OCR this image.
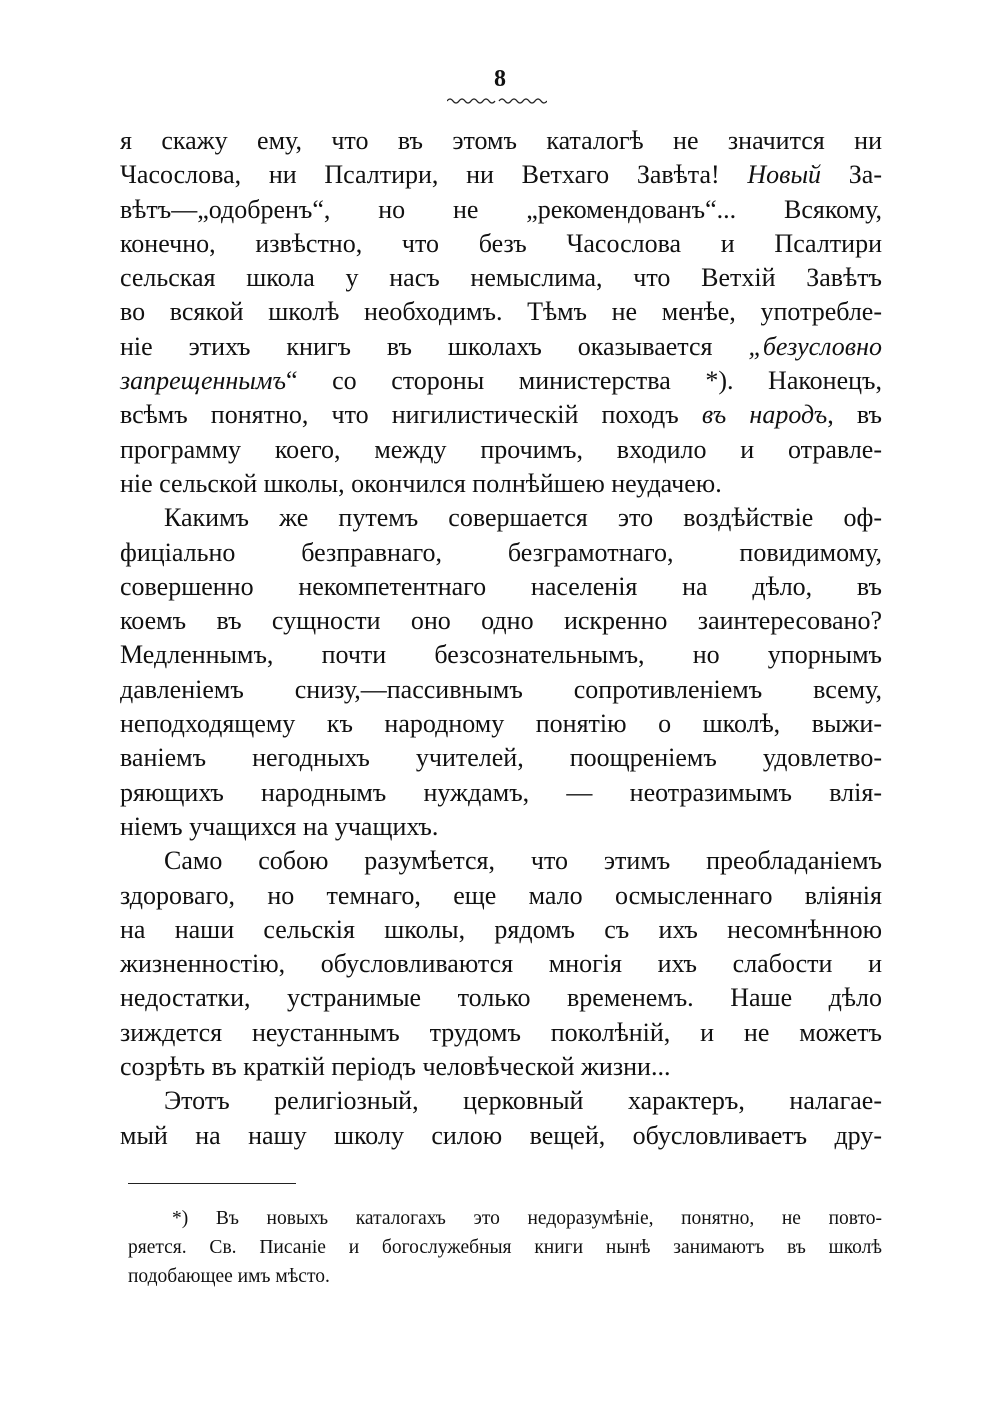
8
я скажу ему, что въ этомъ каталогѣ не значится ни
Часослова, ни Псалтири, ни Ветхаго Завѣта! Новый За-
вѣтъ—„одобренъ“, но не „рекомендованъ“... Всякому,
конечно, извѣстно, что безъ Часослова и Псалтири
сельская школа у насъ немыслима, что Ветхій Завѣтъ
во всякой школѣ необходимъ. Тѣмъ не менѣе, употребле-
ніе этихъ книгъ въ школахъ оказывается „безусловно
запрещеннымъ“ со стороны министерства *). Наконецъ,
всѣмъ понятно, что нигилистическій походъ въ народъ, въ
программу коего, между прочимъ, входило и отравле-
ніе сельской школы, окончился полнѣйшею неудачею.
Какимъ же путемъ совершается это воздѣйствіе оф-
фиціально безправнаго, безграмотнаго, повидимому,
совершенно некомпетентнаго населенія на дѣло, въ
коемъ въ сущности оно одно искренно заинтересовано?
Медленнымъ, почти безсознательнымъ, но упорнымъ
давленіемъ снизу,—пассивнымъ сопротивленіемъ всему,
неподходящему къ народному понятію о школѣ, выжи-
ваніемъ негодныхъ учителей, поощреніемъ удовлетво-
ряющихъ народнымъ нуждамъ, — неотразимымъ влія-
ніемъ учащихся на учащихъ.
Само собою разумѣется, что этимъ преобладаніемъ
здороваго, но темнаго, еще мало осмысленнаго вліянія
на наши сельскія школы, рядомъ съ ихъ несомнѣнною
жизненностію, обусловливаются многія ихъ слабости и
недостатки, устранимые только временемъ. Наше дѣло
зиждется неустаннымъ трудомъ поколѣній, и не можетъ
созрѣть въ краткій періодъ человѣческой жизни...
Этотъ религіозный, церковный характеръ, налагае-
мый на нашу школу силою вещей, обусловливаетъ дру-
*) Въ новыхъ каталогахъ это недоразумѣніе, понятно, не повто-
ряется. Св. Писаніе и богослужебныя книги нынѣ занимаютъ въ школѣ
подобающее имъ мѣсто.
